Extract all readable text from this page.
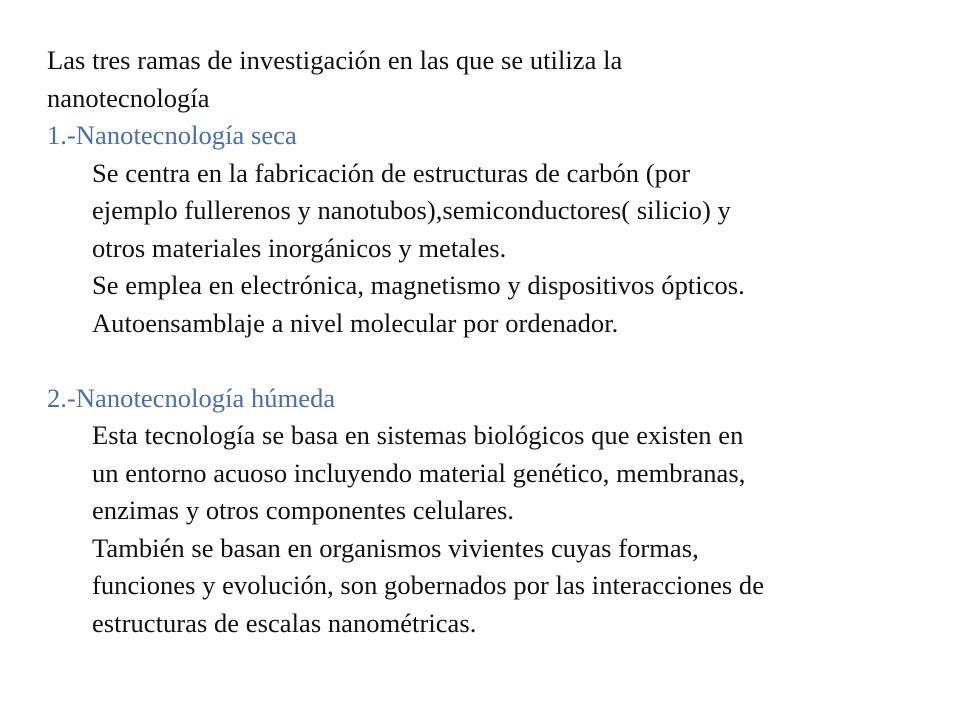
Las tres ramas de investigación en las que se utiliza la
nanotecnología
1.-Nanotecnología seca
Se centra en la fabricación de estructuras de carbón (por
ejemplo fullerenos y nanotubos),semiconductores( silicio) y
otros materiales inorgánicos y metales.
Se emplea en electrónica, magnetismo y dispositivos ópticos.
Autoensamblaje a nivel molecular por ordenador.
2.-Nanotecnología húmeda
Esta tecnología se basa en sistemas biológicos que existen en
un entorno acuoso incluyendo material genético, membranas,
enzimas y otros componentes celulares.
También se basan en organismos vivientes cuyas formas,
funciones y evolución, son gobernados por las interacciones de
estructuras de escalas nanométricas.
